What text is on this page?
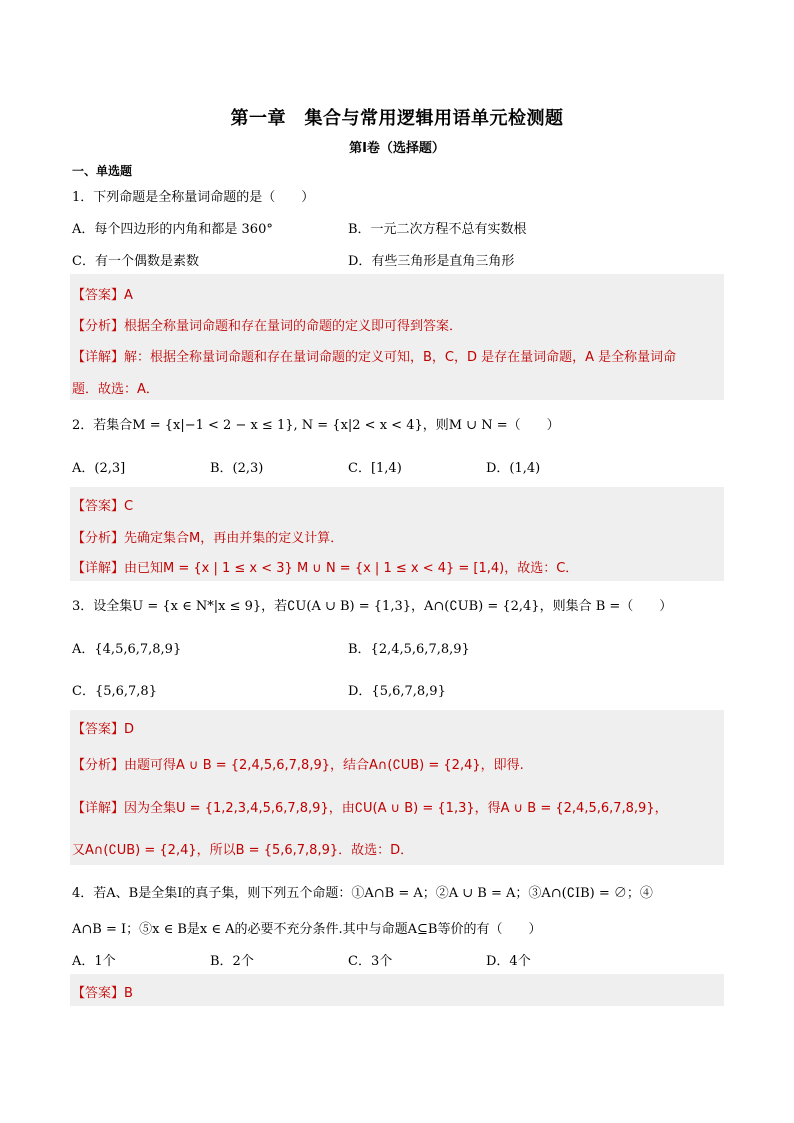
第一章　集合与常用逻辑用语单元检测题
第Ⅰ卷（选择题）
一、单选题
1．下列命题是全称量词命题的是（　　）
A．每个四边形的内角和都是 360°	B．一元二次方程不总有实数根
C．有一个偶数是素数	D．有些三角形是直角三角形
【答案】A
【分析】根据全称量词命题和存在量词的命题的定义即可得到答案．
【详解】解：根据全称量词命题和存在量词命题的定义可知，B，C，D 是存在量词命题，A 是全称量词命
题．故选：A．
2．若集合M = {x|−1 < 2 − x ≤ 1}, N = {x|2 < x < 4}，则M ∪ N =（　　）
A．(2,3]	B．(2,3)	C．[1,4)	D．(1,4)
【答案】C
【分析】先确定集合M，再由并集的定义计算．
【详解】由已知M = {x | 1 ≤ x < 3} M ∪ N = {x | 1 ≤ x < 4} = [1,4)，故选：C．
3．设全集U = {x ∈ N*|x ≤ 9}，若∁U(A ∪ B) = {1,3}，A∩(∁UB) = {2,4}，则集合 B =（　　）
A．{4,5,6,7,8,9}	B．{2,4,5,6,7,8,9}
C．{5,6,7,8}	D．{5,6,7,8,9}
【答案】D
【分析】由题可得A ∪ B = {2,4,5,6,7,8,9}，结合A∩(∁UB) = {2,4}，即得.
【详解】因为全集U = {1,2,3,4,5,6,7,8,9}，由∁U(A ∪ B) = {1,3}，得A ∪ B = {2,4,5,6,7,8,9}，
又A∩(∁UB) = {2,4}，所以B = {5,6,7,8,9}．故选：D．
4．若A、B是全集I的真子集，则下列五个命题：①A∩B = A；②A ∪ B = A；③A∩(∁IB) = ∅；④
A∩B = I；⑤x ∈ B是x ∈ A的必要不充分条件.其中与命题A⊆B等价的有（　　）
A．1个	B．2个	C．3个	D．4个
【答案】B
